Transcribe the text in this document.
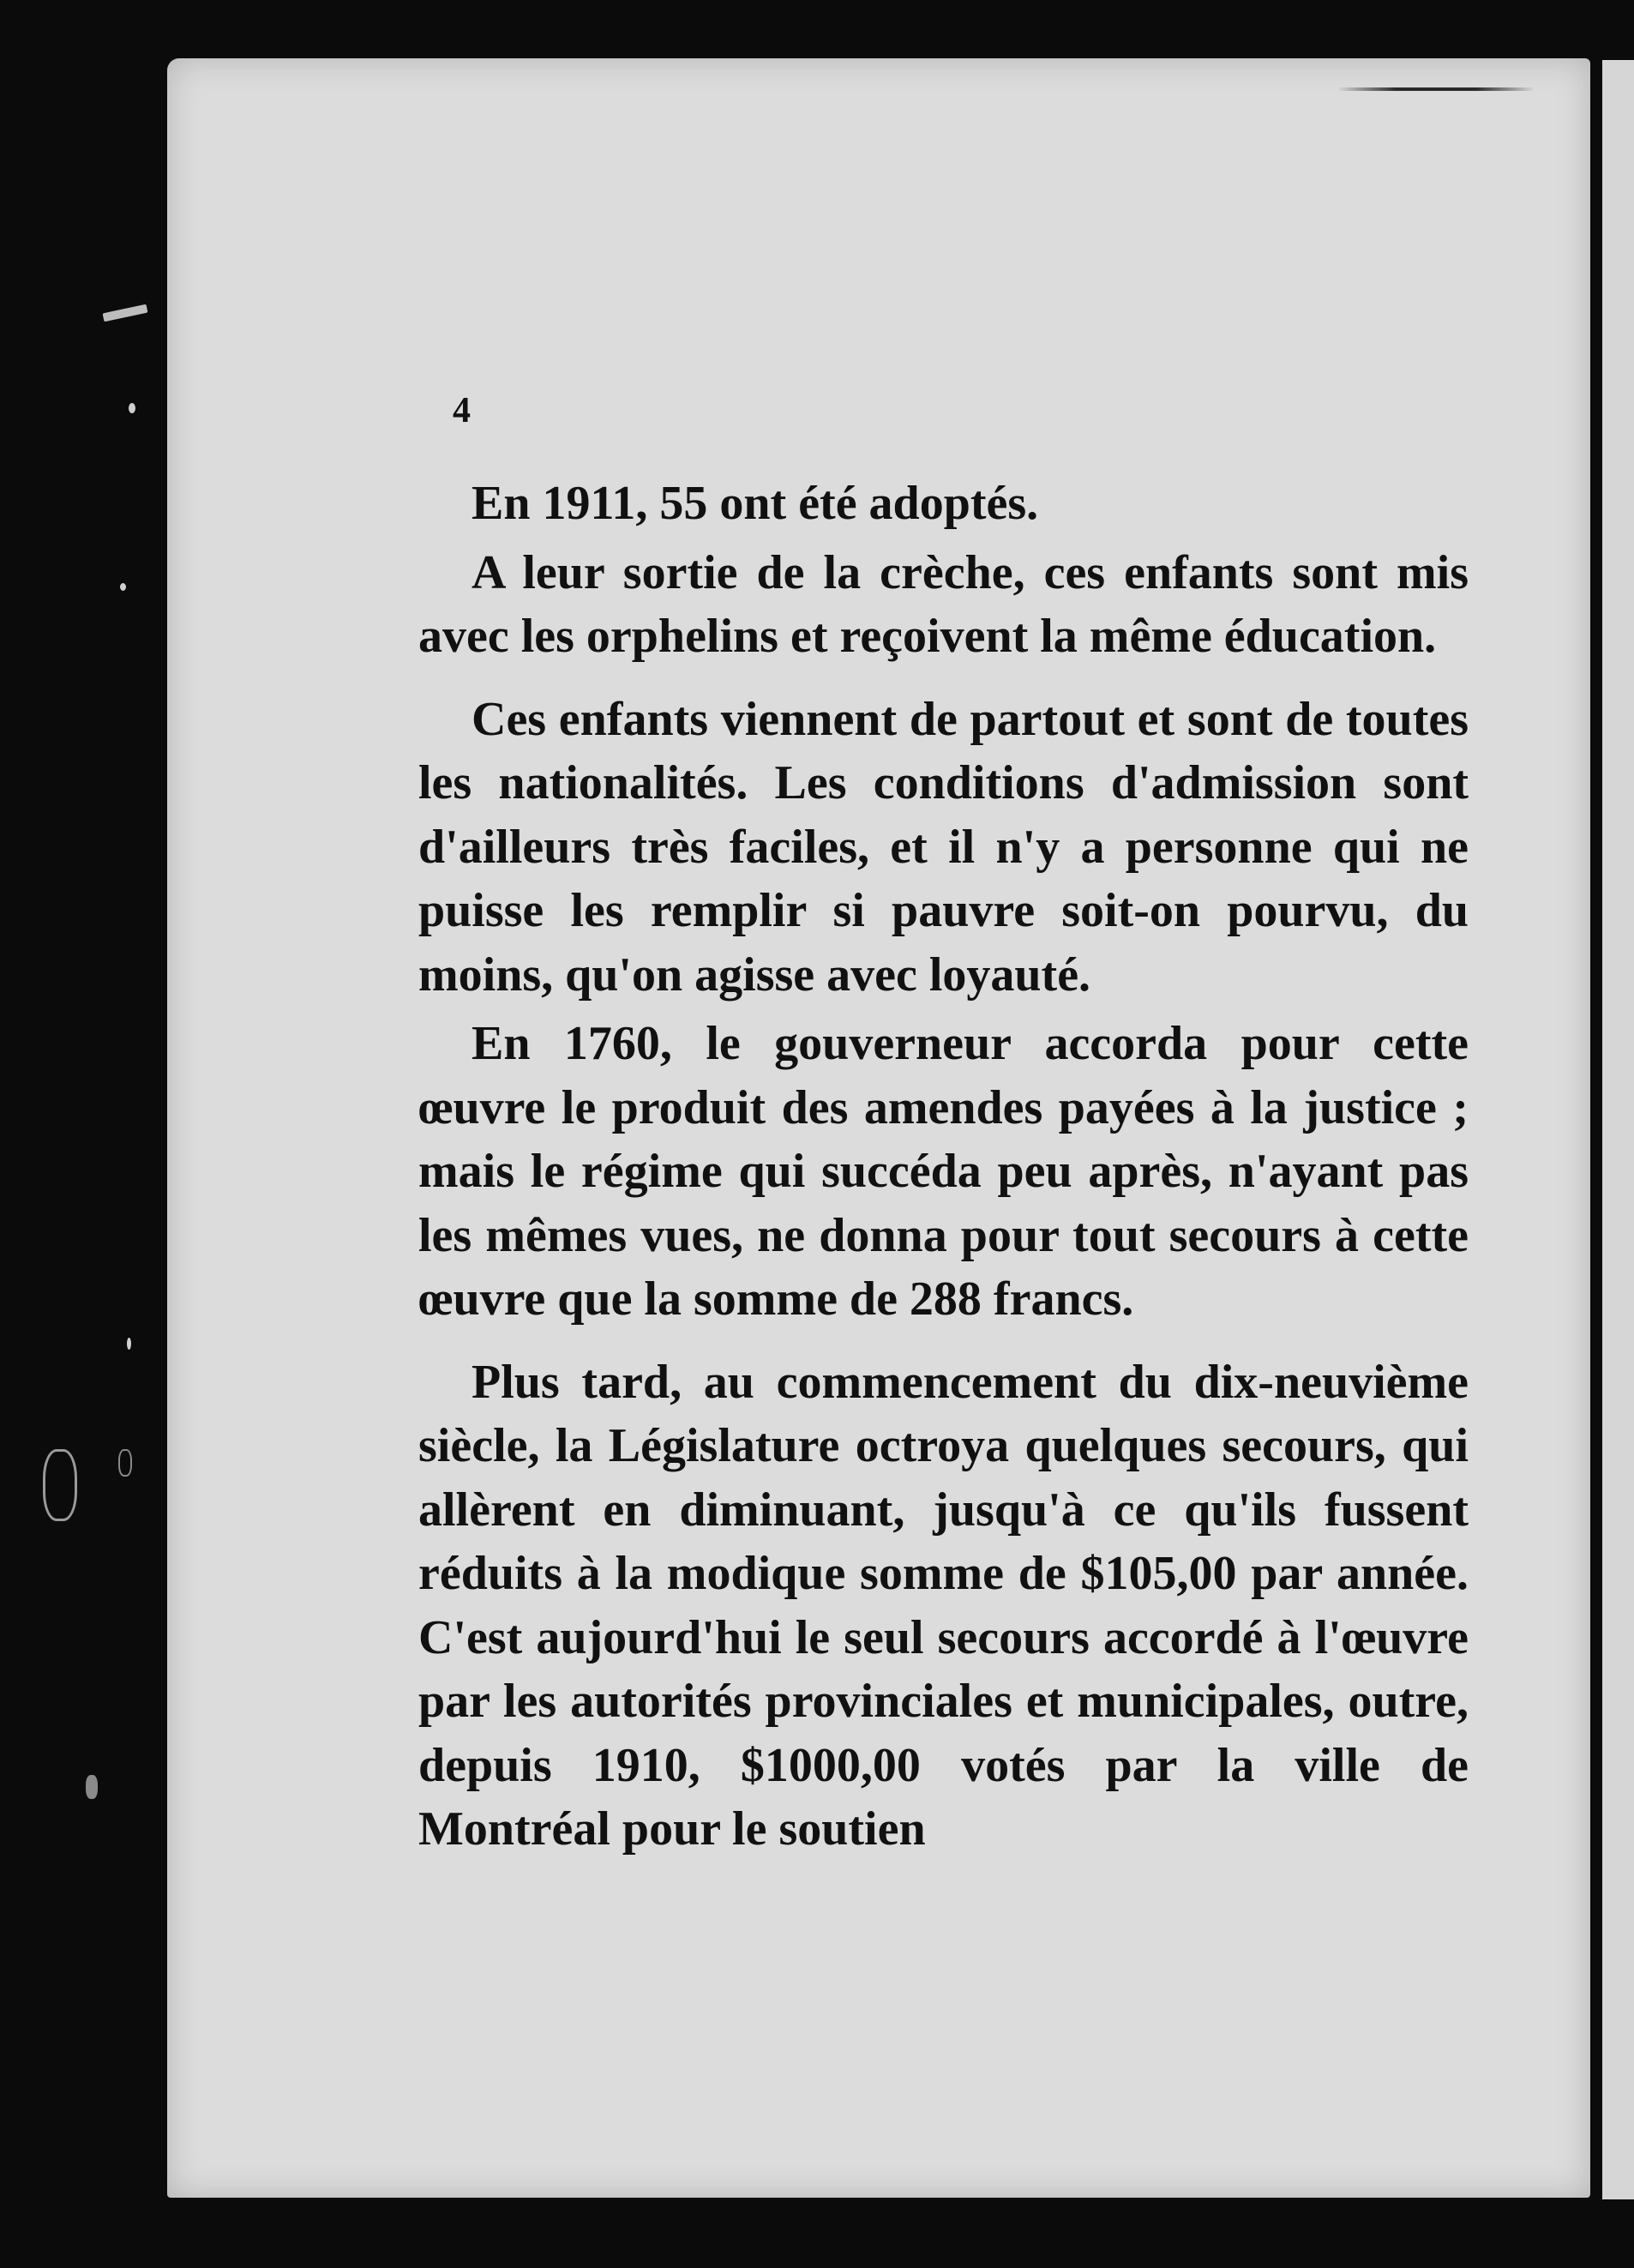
4

En 1911, 55 ont été adoptés.

A leur sortie de la crèche, ces enfants sont mis avec les orphelins et reçoivent la même éducation.

Ces enfants viennent de partout et sont de toutes les nationalités. Les conditions d'admission sont d'ailleurs très faciles, et il n'y a personne qui ne puisse les remplir si pauvre soit-on pourvu, du moins, qu'on agisse avec loyauté.

En 1760, le gouverneur accorda pour cette œuvre le produit des amendes payées à la justice ; mais le régime qui succéda peu après, n'ayant pas les mêmes vues, ne donna pour tout secours à cette œuvre que la somme de 288 francs.

Plus tard, au commencement du dix-neuvième siècle, la Législature octroya quelques secours, qui allèrent en diminuant, jusqu'à ce qu'ils fussent réduits à la modique somme de $105,00 par année. C'est aujourd'hui le seul secours accordé à l'œuvre par les autorités provinciales et municipales, outre, depuis 1910, $1000,00 votés par la ville de Montréal pour le soutien
